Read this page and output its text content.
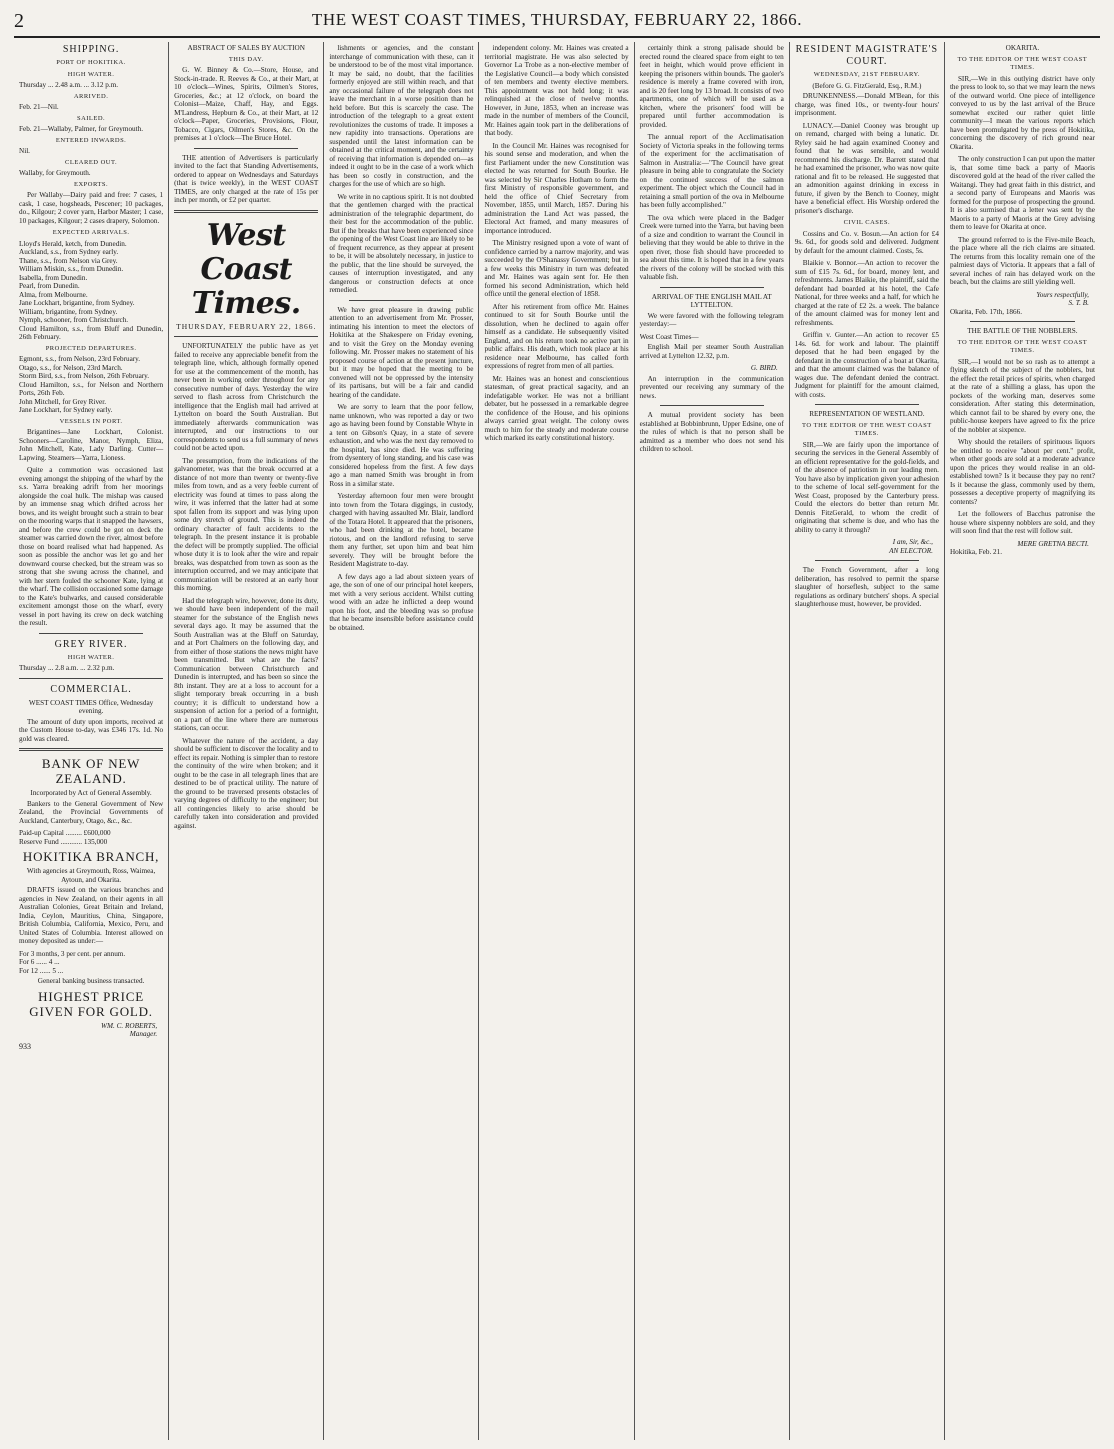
2	THE WEST COAST TIMES, THURSDAY, FEBRUARY 22, 1866.
SHIPPING.
PORT OF HOKITIKA.
HIGH WATER.
Thursday ... 2.48 a.m. ... 3.12 p.m.
ARRIVED.
Feb. 21—Nil.
SAILED.
Feb. 21—Wallaby, Palmer, for Greymouth.
ENTERED INWARDS.
Nil.
CLEARED OUT.
Wallaby, for Greymouth.
EXPORTS.

Per Wallaby—Dairy paid and free: 7 cases, 1 cask, 1 case, hogsheads, Pescener; 10 packages, do., Kilgour; 2 cover yarn, Harbor Master; 1 case, 10 packages, Kilgour; 2 cases drapery, Solomon.

EXPECTED ARRIVALS.
Lloyd's Herald, ketch, from Dunedin.
Auckland, s.s., from Sydney early.
Thane, s.s., from Nelson via Grey.
William Miskin, s.s., from Dunedin.
Isabella, from Dunedin.
Pearl, from Dunedin.
Alma, from Melbourne.
Jane Lockhart, brigantine, from Sydney.
William, brigantine, from Sydney.
Nymph, schooner, from Christchurch.
Cloud Hamilton, s.s., from Bluff and Dunedin, 26th February.
PROJECTED DEPARTURES.
Egmont, s.s., from Nelson, 23rd February.
Otago, s.s., for Nelson, 23rd March.
Storm Bird, s.s., from Nelson, 26th February.
Cloud Hamilton, s.s., for Nelson and Northern Ports, 26th Feb.
John Mitchell, for Grey River.
Jane Lockhart, for Sydney early.
VESSELS IN PORT.

Brigantines—Jane Lockhart, Colonist. Schooners—Caroline, Manor, Nymph, Eliza, John Mitchell, Kate, Lady Darling. Cutter—Lapwing. Steamers—Yarra, Lioness.

Quite a commotion was occasioned last evening amongst the shipping of the wharf by the s.s. Yarra breaking adrift from her moorings alongside the coal hulk. The mishap was caused by an immense snag which drifted across her bows, and its weight brought such a strain to bear on the mooring warps that it snapped the hawsers, and before the crew could be got on deck the steamer was carried down the river, almost before those on board realised what had happened. As soon as possible the anchor was let go and her downward course checked, but the stream was so strong that she swung across the channel, and with her stern fouled the schooner Kate, lying at the wharf. The collision occasioned some damage to the Kate's bulwarks, and caused considerable excitement amongst those on the wharf, every vessel in port having its crew on deck watching the result.

GREY RIVER.
HIGH WATER.
Thursday ... 2.8 a.m. ... 2.32 p.m.
COMMERCIAL.
WEST COAST TIMES Office, Wednesday evening.

The amount of duty upon imports, received at the Custom House to-day, was £346 17s. 1d. No gold was cleared.

BANK OF NEW ZEALAND.
Incorporated by Act of General Assembly.

Bankers to the General Government of New Zealand, the Provincial Governments of Auckland, Canterbury, Otago, &c., &c.

Paid-up Capital ......... £600,000
Reserve Fund ............ 135,000
HOKITIKA BRANCH,
With agencies at Greymouth, Ross, Waimea, Aytoun, and Okarita.

DRAFTS issued on the various branches and agencies in New Zealand, on their agents in all Australian Colonies, Great Britain and Ireland, India, Ceylon, Mauritius, China, Singapore, British Columbia, California, Mexico, Peru, and United States of Columbia. Interest allowed on money deposited as under:—

For 3 months, 3 per cent. per annum.
For 6 ...... 4 ...
For 12 ...... 5 ...
General banking business transacted.
HIGHEST PRICE GIVEN FOR GOLD.
WM. C. ROBERTS,
Manager.
933
ABSTRACT OF SALES BY AUCTION
THIS DAY.

G. W. Binney & Co.—Store, House, and Stock-in-trade. R. Reeves & Co., at their Mart, at 10 o'clock—Wines, Spirits, Oilmen's Stores, Groceries, &c.; at 12 o'clock, on board the Colonist—Maize, Chaff, Hay, and Eggs. M'Landress, Hepburn & Co., at their Mart, at 12 o'clock—Paper, Groceries, Provisions, Flour, Tobacco, Cigars, Oilmen's Stores, &c. On the premises at 1 o'clock—The Bruce Hotel.

THE attention of Advertisers is particularly invited to the fact that Standing Advertisements, ordered to appear on Wednesdays and Saturdays (that is twice weekly), in the WEST COAST TIMES, are only charged at the rate of 15s per inch per month, or £2 per quarter.

West Coast Times.
THURSDAY, FEBRUARY 22, 1866.

UNFORTUNATELY the public have as yet failed to receive any appreciable benefit from the telegraph line, which, although formally opened for use at the commencement of the month, has never been in working order throughout for any consecutive number of days. Yesterday the wire served to flash across from Christchurch the intelligence that the English mail had arrived at Lyttelton on board the South Australian. But immediately afterwards communication was interrupted, and our instructions to our correspondents to send us a full summary of news could not be acted upon.

The presumption, from the indications of the galvanometer, was that the break occurred at a distance of not more than twenty or twenty-five miles from town, and as a very feeble current of electricity was found at times to pass along the wire, it was inferred that the latter had at some spot fallen from its support and was lying upon some dry stretch of ground. This is indeed the ordinary character of fault accidents to the telegraph. In the present instance it is probable the defect will be promptly supplied. The official whose duty it is to look after the wire and repair breaks, was despatched from town as soon as the interruption occurred, and we may anticipate that communication will be restored at an early hour this morning.

Had the telegraph wire, however, done its duty, we should have been independent of the mail steamer for the substance of the English news several days ago. It may be assumed that the South Australian was at the Bluff on Saturday, and at Port Chalmers on the following day, and from either of those stations the news might have been transmitted. But what are the facts? Communication between Christchurch and Dunedin is interrupted, and has been so since the 8th instant. They are at a loss to account for a slight temporary break occurring in a bush country; it is difficult to understand how a suspension of action for a period of a fortnight, on a part of the line where there are numerous stations, can occur.

Whatever the nature of the accident, a day should be sufficient to discover the locality and to effect its repair. Nothing is simpler than to restore the continuity of the wire when broken; and it ought to be the case in all telegraph lines that are destined to be of practical utility. The nature of the ground to be traversed presents obstacles of varying degrees of difficulty to the engineer; but all contingencies likely to arise should be carefully taken into consideration and provided against.

lishments or agencies, and the constant interchange of communication with these, can it be understood to be of the most vital importance. It may be said, no doubt, that the facilities formerly enjoyed are still within reach, and that any occasional failure of the telegraph does not leave the merchant in a worse position than he held before. But this is scarcely the case. The introduction of the telegraph to a great extent revolutionizes the customs of trade. It imposes a new rapidity into transactions. Operations are suspended until the latest information can be obtained at the critical moment, and the certainty of receiving that information is depended on—as indeed it ought to be in the case of a work which has been so costly in construction, and the charges for the use of which are so high.

We write in no captious spirit. It is not doubted that the gentlemen charged with the practical administration of the telegraphic department, do their best for the accommodation of the public. But if the breaks that have been experienced since the opening of the West Coast line are likely to be of frequent recurrence, as they appear at present to be, it will be absolutely necessary, in justice to the public, that the line should be surveyed, the causes of interruption investigated, and any dangerous or construction defects at once remedied.

We have great pleasure in drawing public attention to an advertisement from Mr. Prosser, intimating his intention to meet the electors of Hokitika at the Shakespere on Friday evening, and to visit the Grey on the Monday evening following. Mr. Prosser makes no statement of his proposed course of action at the present juncture, but it may be hoped that the meeting to be convened will not be oppressed by the intensity of its partisans, but will be a fair and candid hearing of the candidate.

We are sorry to learn that the poor fellow, name unknown, who was reported a day or two ago as having been found by Constable Whyte in a tent on Gibson's Quay, in a state of severe exhaustion, and who was the next day removed to the hospital, has since died. He was suffering from dysentery of long standing, and his case was considered hopeless from the first. A few days ago a man named Smith was brought in from Ross in a similar state.

Yesterday afternoon four men were brought into town from the Totara diggings, in custody, charged with having assaulted Mr. Blair, landlord of the Totara Hotel. It appeared that the prisoners, who had been drinking at the hotel, became riotous, and on the landlord refusing to serve them any further, set upon him and beat him severely. They will be brought before the Resident Magistrate to-day.

A few days ago a lad about sixteen years of age, the son of one of our principal hotel keepers, met with a very serious accident. Whilst cutting wood with an adze he inflicted a deep wound upon his foot, and the bleeding was so profuse that he became insensible before assistance could be obtained.

independent colony. Mr. Haines was created a territorial magistrate. He was also selected by Governor La Trobe as a non-elective member of the Legislative Council—a body which consisted of ten members and twenty elective members. This appointment was not held long; it was relinquished at the close of twelve months. However, in June, 1853, when an increase was made in the number of members of the Council, Mr. Haines again took part in the deliberations of that body.

In the Council Mr. Haines was recognised for his sound sense and moderation, and when the first Parliament under the new Constitution was elected he was returned for South Bourke. He was selected by Sir Charles Hotham to form the first Ministry of responsible government, and held the office of Chief Secretary from November, 1855, until March, 1857. During his administration the Land Act was passed, the Electoral Act framed, and many measures of importance introduced.

The Ministry resigned upon a vote of want of confidence carried by a narrow majority, and was succeeded by the O'Shanassy Government; but in a few weeks this Ministry in turn was defeated and Mr. Haines was again sent for. He then formed his second Administration, which held office until the general election of 1858.

After his retirement from office Mr. Haines continued to sit for South Bourke until the dissolution, when he declined to again offer himself as a candidate. He subsequently visited England, and on his return took no active part in public affairs. His death, which took place at his residence near Melbourne, has called forth expressions of regret from men of all parties.

Mr. Haines was an honest and conscientious statesman, of great practical sagacity, and an indefatigable worker. He was not a brilliant debater, but he possessed in a remarkable degree the confidence of the House, and his opinions always carried great weight. The colony owes much to him for the steady and moderate course which marked its early constitutional history.

certainly think a strong palisade should be erected round the cleared space from eight to ten feet in height, which would prove efficient in keeping the prisoners within bounds. The gaoler's residence is merely a frame covered with iron, and is 20 feet long by 13 broad. It consists of two apartments, one of which will be used as a kitchen, where the prisoners' food will be prepared until further accommodation is provided.

The annual report of the Acclimatisation Society of Victoria speaks in the following terms of the experiment for the acclimatisation of Salmon in Australia:—"The Council have great pleasure in being able to congratulate the Society on the continued success of the salmon experiment. The object which the Council had in retaining a small portion of the ova in Melbourne has been fully accomplished."

The ova which were placed in the Badger Creek were turned into the Yarra, but having been of a size and condition to warrant the Council in believing that they would be able to thrive in the open river, those fish should have proceeded to sea about this time. It is hoped that in a few years the rivers of the colony will be stocked with this valuable fish.

ARRIVAL OF THE ENGLISH MAIL AT LYTTELTON.

We were favored with the following telegram yesterday:—

West Coast Times—

English Mail per steamer South Australian arrived at Lyttelton 12.32, p.m.

G. BIRD.

An interruption in the communication prevented our receiving any summary of the news.

A mutual provident society has been established at Bobbinbrunn, Upper Edsine, one of the rules of which is that no person shall be admitted as a member who does not send his children to school.

RESIDENT MAGISTRATE'S COURT.
WEDNESDAY, 21ST FEBRUARY.
(Before G. G. FitzGerald, Esq., R.M.)

DRUNKENNESS.—Donald M'Bean, for this charge, was fined 10s., or twenty-four hours' imprisonment.

LUNACY.—Daniel Cooney was brought up on remand, charged with being a lunatic. Dr. Ryley said he had again examined Cooney and found that he was sensible, and would recommend his discharge. Dr. Barrett stated that he had examined the prisoner, who was now quite rational and fit to be released. He suggested that an admonition against drinking in excess in future, if given by the Bench to Cooney, might have a beneficial effect. His Worship ordered the prisoner's discharge.

CIVIL CASES.

Cossins and Co. v. Bosun.—An action for £4 9s. 6d., for goods sold and delivered. Judgment by default for the amount claimed. Costs, 5s.

Blaikie v. Bonnor.—An action to recover the sum of £15 7s. 6d., for board, money lent, and refreshments. James Blaikie, the plaintiff, said the defendant had boarded at his hotel, the Cafe National, for three weeks and a half, for which he charged at the rate of £2 2s. a week. The balance of the amount claimed was for money lent and refreshments.

Griffin v. Gunter.—An action to recover £5 14s. 6d. for work and labour. The plaintiff deposed that he had been engaged by the defendant in the construction of a boat at Okarita, and that the amount claimed was the balance of wages due. The defendant denied the contract. Judgment for plaintiff for the amount claimed, with costs.

REPRESENTATION OF WESTLAND.
TO THE EDITOR OF THE WEST COAST TIMES.

SIR,—We are fairly upon the importance of securing the services in the General Assembly of an efficient representative for the gold-fields, and of the absence of patriotism in our leading men. You have also by implication given your adhesion to the scheme of local self-government for the West Coast, proposed by the Canterbury press. Could the electors do better than return Mr. Dennis FitzGerald, to whom the credit of originating that scheme is due, and who has the ability to carry it through?

I am, Sir, &c.,
AN ELECTOR.

The French Government, after a long deliberation, has resolved to permit the sparse slaughter of horseflesh, subject to the same regulations as ordinary butchers' shops. A special slaughterhouse must, however, be provided.

OKARITA.
TO THE EDITOR OF THE WEST COAST TIMES.

SIR,—We in this outlying district have only the press to look to, so that we may learn the news of the outward world. One piece of intelligence conveyed to us by the last arrival of the Bruce somewhat excited our rather quiet little community—I mean the various reports which have been promulgated by the press of Hokitika, concerning the discovery of rich ground near Okarita.

The only construction I can put upon the matter is, that some time back a party of Maoris discovered gold at the head of the river called the Waitangi. They had great faith in this district, and a second party of Europeans and Maoris was formed for the purpose of prospecting the ground. It is also surmised that a letter was sent by the Maoris to a party of Maoris at the Grey advising them to leave for Okarita at once.

The ground referred to is the Five-mile Beach, the place where all the rich claims are situated. The returns from this locality remain one of the palmiest days of Victoria. It appears that a fall of several inches of rain has delayed work on the beach, but the claims are still yielding well.

Yours respectfully,
S. T. B.
Okarita, Feb. 17th, 1866.
THE BATTLE OF THE NOBBLERS.
TO THE EDITOR OF THE WEST COAST TIMES.

SIR,—I would not be so rash as to attempt a flying sketch of the subject of the nobblers, but the effect the retail prices of spirits, when charged at the rate of a shilling a glass, has upon the pockets of the working man, deserves some consideration. After stating this determination, which cannot fail to be shared by every one, the public-house keepers have agreed to fix the price of the nobbler at sixpence.

Why should the retailers of spirituous liquors be entitled to receive "about per cent." profit, when other goods are sold at a moderate advance upon the prices they would realise in an old-established town? Is it because they pay no rent? Is it because the glass, commonly used by them, possesses a deceptive property of magnifying its contents?

Let the followers of Bacchus patronise the house where sixpenny nobblers are sold, and they will soon find that the rest will follow suit.

MERE GRETNA BECTI.
Hokitika, Feb. 21.
